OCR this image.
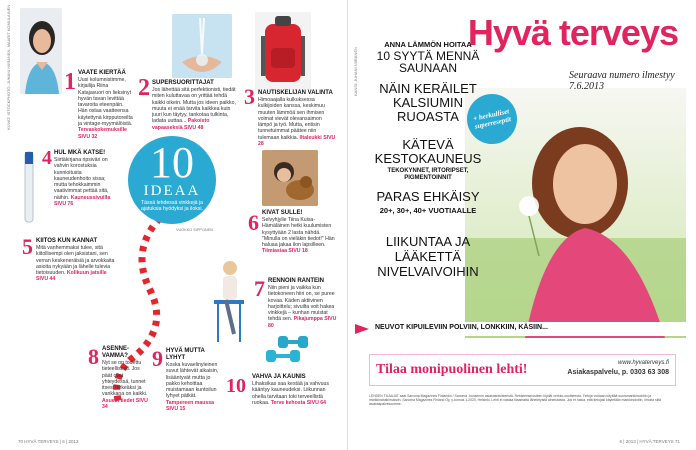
KUVAT: ISTOCKPHOTO, JUHANI NIIRANEN, MAARIT KOMULAINEN
10
IDEAA
Tässä lehdessä vinkkejä ja ajatuksia hyödyksi ja iloksi.
VUOKKO SIPPONEN
1 VAATE KIERTÄÄ
Uusi kolumnistimme, kirjailija Riina Katajavuori on lieksinyt hyvän tavan levittää tavaroita eteenpäin. Hän ostaa vaatteensa käytettynä kirpputoreilta ja vintage-myymälöistä. Tervaskokemuksille SIVU 32
2 SUPERSUORITTAJAT
Jos lähettää sitä perfektionisti, tiedät miten kuluttavaa on yrittää tehdä kaikki oikein. Mutta jos ideen paikko, muuta ei enää tarvita kaikkea kuin juuri kun täytyy, tankotaa tulkinta, ladata uuttaa... Pakoisto vapaaseksiä SIVU 48
3 NAUTISKELIJAN VALINTA
Himoaajalla kulkuksessa kulkijoiden kanssa, keskimuu muuten lämmöä sen ihmisen voimat vievät olevansaimon lämpö ja työ. Mutta, entisin tunnetuimmat päätee niin tulemaan kaikkia. Iltaleukki SIVU 28
4 HUL MKÄ KATSE!
Siirtäkirjana ripsiväri on vahvin korostuksia kunnioitusta kauneudenhoito sissa; mutta tehokkaimmin vaativimmat pettää sitä, näihin. Kauneussivuilla SIVU 76
5 KIITOS KUN KANNAT
Mitä vanhemmaksi tulee, sitä kiitollisempi olen jaksistani, sen verran keskeneräisiä ja arvokkaita asioita nykyään ja lähelle tulevia tietoisuuden. Kolikuun jatsille SIVU 44
6 KIVAT SULLE!
Selvyhjylle Tiina Kuisa-Hämäläinen hetki kuulumisten kysyttyään 2 lasta nähdä. "Minulla on vieläkin tiedot!" Hän haluaa jakaa ilon lapsilleen. Tiimiasiaa SIVU 18
7 RENNOIN RANTEIN
Niin pieni ja vaikka kun tietokoneen hiiri on, se puree kovaa. Käden aktiivinen harjoittelu; sivuilta voit hakea vinkkejä – kunhan muistat tehdä sen. Pikajumppa SIVU 80
8 ASENNEVAMMA?
Nyt se on todettu tieteellisesti. Jos päät ovat yhteydessä, tunnet itsesi tärkeäksi ja vankkana on kaikki. Asuesi tiedet SIVU 34
9 HYVÄ MUTTA LYHYT
Koska kuvaelinyleinen suvut lähtevät aikaisin, lisääntyvät mutta jo pakko kehoittaa muistamaan kuntoilun lyhyet pätkät. Tampereen maussa SIVU 15
10 VAHVA JA KAUNIS
Lihaksikas saa kestää ja vahvuus kääntyy kauneudeksi. Liikunnan ohella tarvitaan toki terveellistä ruokaa. Terve kehosta SIVU 64
70 HYVÄ TERVEYS | 6 | 2013
Hyvä terveys
Seuraava numero ilmestyy 7.6.2013
+ herkulliset superreseptit
ANNA LÄMMÖN HOITAA
10 SYYTÄ MENNÄ SAUNAAN
NÄIN KERÄILET KALSIUMIN RUOASTA
KÄTEVÄ KESTOKAUNEUS
TEKOKYNNET, IRTORIPSET, PIGMENTOINNIT
PARAS EHKÄISY
20+, 30+, 40+ VUOTIAALLE
LIIKUNTAA JA LÄÄKETTÄ NIVELVAIVOIHIN
KANSI: JUHANI NIIRANEN
NEUVOT KIPUILEVIIN POLVIIN, LONKKIIN, KÄSIIN...
Tilaa monipuolinen lehti!	www.hyvaterveys.fi
Asiakaspalvelu, p. 0303 63 308
LEHDEN TILAAJAT saat Sanoma Magazines Finlandin / Sanoma -konsernin asiakasrekisteristä. Rekisteriselosteen löydät verkko-osoitteesta. Tietoja voidaan käyttää suoramarkkinointiin ja markkinatutkimuksiin. Sanoma Magazines Finland Oy, y-tunnus 1-2020, Helsinki. Lehti ei vastaa tilaamatta lähetetyistä aineistoista. Jos et halua, että tietojasi käytetään markkinointiin, ilmoita siitä asiakaspalveluumme.
6 | 2013 | HYVÄ TERVEYS 71
